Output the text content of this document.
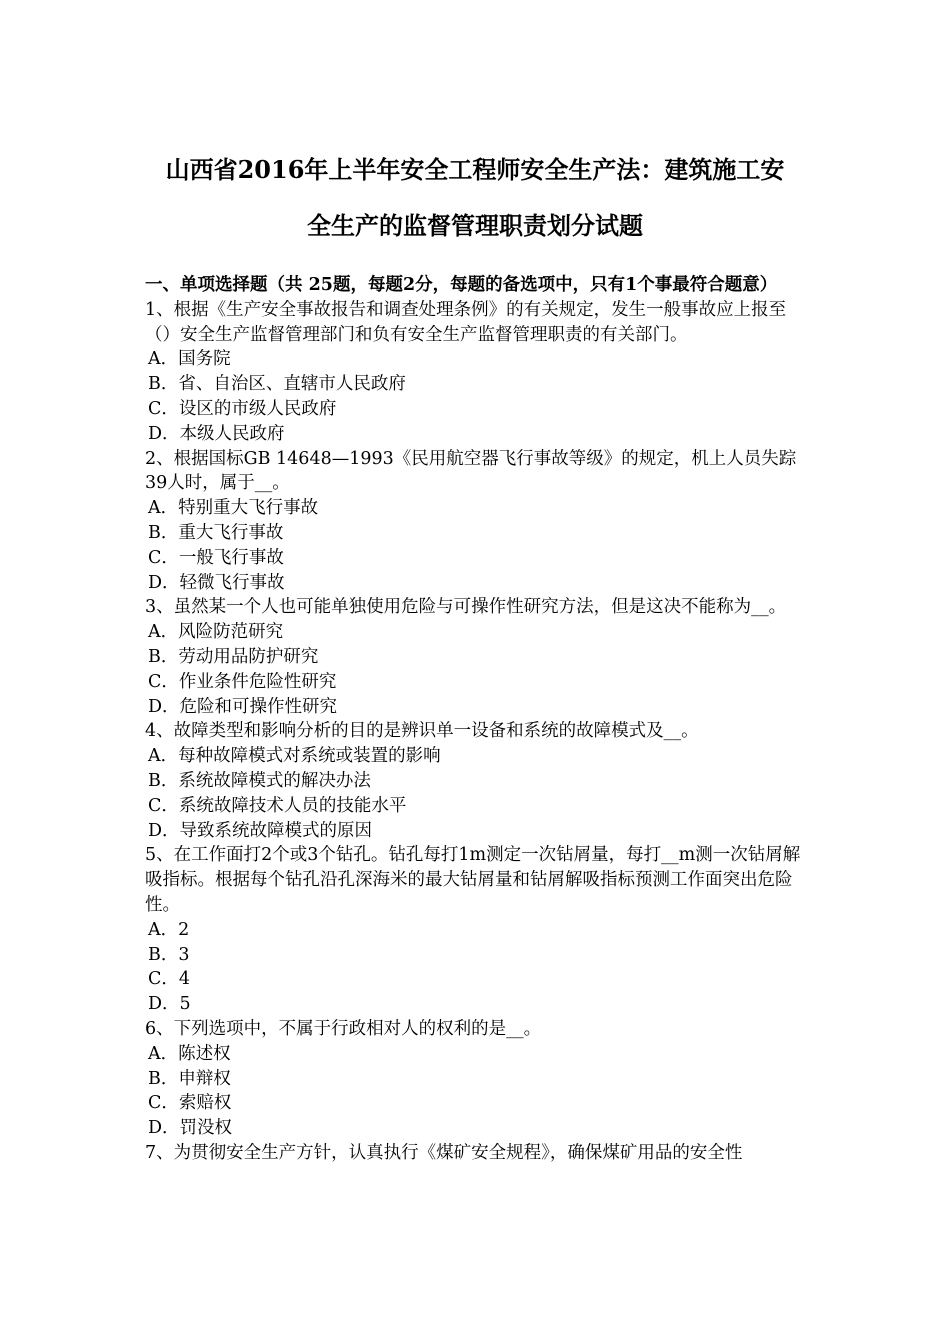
山西省2016年上半年安全工程师安全生产法：建筑施工安
全生产的监督管理职责划分试题
一、单项选择题（共 25题，每题2分，每题的备选项中，只有1个事最符合题意）
1、根据《生产安全事故报告和调查处理条例》的有关规定，发生一般事故应上报至（）安全生产监督管理部门和负有安全生产监督管理职责的有关部门。
A．国务院
B．省、自治区、直辖市人民政府
C．设区的市级人民政府
D．本级人民政府
2、根据国标GB 14648—1993《民用航空器飞行事故等级》的规定，机上人员失踪39人时，属于__。
A．特别重大飞行事故
B．重大飞行事故
C．一般飞行事故
D．轻微飞行事故
3、虽然某一个人也可能单独使用危险与可操作性研究方法，但是这决不能称为__。
A．风险防范研究
B．劳动用品防护研究
C．作业条件危险性研究
D．危险和可操作性研究
4、故障类型和影响分析的目的是辨识单一设备和系统的故障模式及__。
A．每种故障模式对系统或装置的影响
B．系统故障模式的解决办法
C．系统故障技术人员的技能水平
D．导致系统故障模式的原因
5、在工作面打2个或3个钻孔。钻孔每打1m测定一次钻屑量，每打__m测一次钻屑解吸指标。根据每个钻孔沿孔深海米的最大钻屑量和钻屑解吸指标预测工作面突出危险性。
A．2
B．3
C．4
D．5
6、下列选项中，不属于行政相对人的权利的是__。
A．陈述权
B．申辩权
C．索赔权
D．罚没权
7、为贯彻安全生产方针，认真执行《煤矿安全规程》，确保煤矿用品的安全性
